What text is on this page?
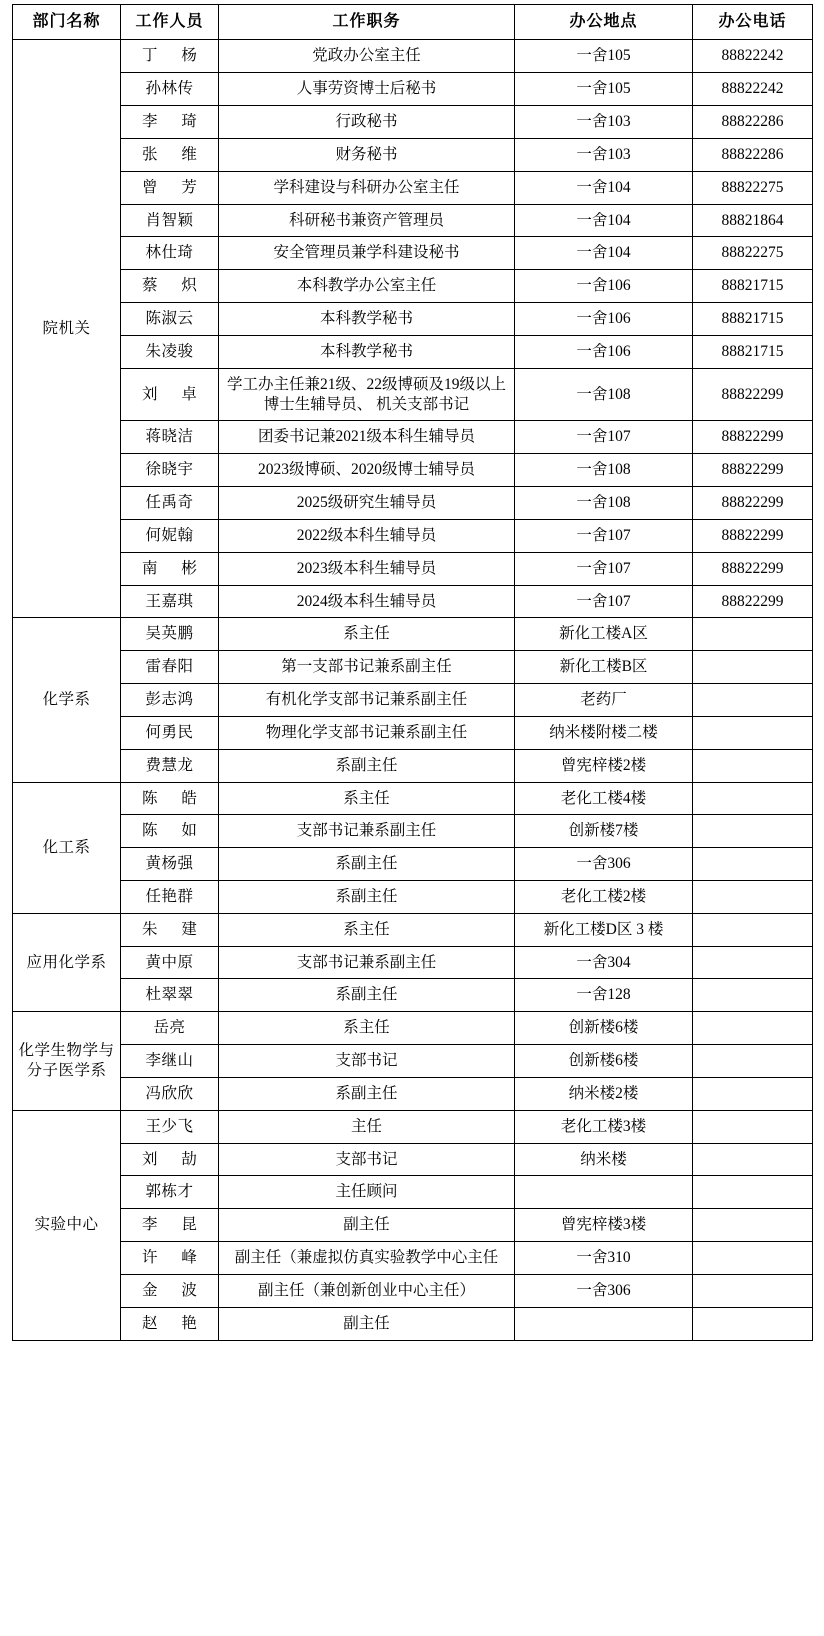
部门名称	工作人员	工作职务	办公地点	办公电话
院机关	丁 杨	党政办公室主任	一舍105	88822242
	孙林传	人事劳资博士后秘书	一舍105	88822242
	李 琦	行政秘书	一舍103	88822286
	张 维	财务秘书	一舍103	88822286
	曾 芳	学科建设与科研办公室主任	一舍104	88822275
	肖智颖	科研秘书兼资产管理员	一舍104	88821864
	林仕琦	安全管理员兼学科建设秘书	一舍104	88822275
	蔡 炽	本科教学办公室主任	一舍106	88821715
	陈淑云	本科教学秘书	一舍106	88821715
	朱凌骏	本科教学秘书	一舍106	88821715
	刘 卓	学工办主任兼21级、22级博硕及19级以上博士生辅导员、 机关支部书记	一舍108	88822299
	蒋晓洁	团委书记兼2021级本科生辅导员	一舍107	88822299
	徐晓宇	2023级博硕、2020级博士辅导员	一舍108	88822299
	任禹奇	2025级研究生辅导员	一舍108	88822299
	何妮翰	2022级本科生辅导员	一舍107	88822299
	南 彬	2023级本科生辅导员	一舍107	88822299
	王嘉琪	2024级本科生辅导员	一舍107	88822299
化学系	吴英鹏	系主任	新化工楼A区	
	雷春阳	第一支部书记兼系副主任	新化工楼B区	
	彭志鸿	有机化学支部书记兼系副主任	老药厂	
	何勇民	物理化学支部书记兼系副主任	纳米楼附楼二楼	
	费慧龙	系副主任	曾宪梓楼2楼	
化工系	陈 皓	系主任	老化工楼4楼	
	陈 如	支部书记兼系副主任	创新楼7楼	
	黄杨强	系副主任	一舍306	
	任艳群	系副主任	老化工楼2楼	
应用化学系	朱 建	系主任	新化工楼D区 3 楼	
	黄中原	支部书记兼系副主任	一舍304	
	杜翠翠	系副主任	一舍128	
化学生物学与分子医学系	岳亮	系主任	创新楼6楼	
	李继山	支部书记	创新楼6楼	
	冯欣欣	系副主任	纳米楼2楼	
实验中心	王少飞	主任	老化工楼3楼	
	刘 劼	支部书记	纳米楼	
	郭栋才	主任顾问		
	李 昆	副主任	曾宪梓楼3楼	
	许 峰	副主任（兼虚拟仿真实验教学中心主任	一舍310	
	金 波	副主任（兼创新创业中心主任）	一舍306	
	赵 艳	副主任		
